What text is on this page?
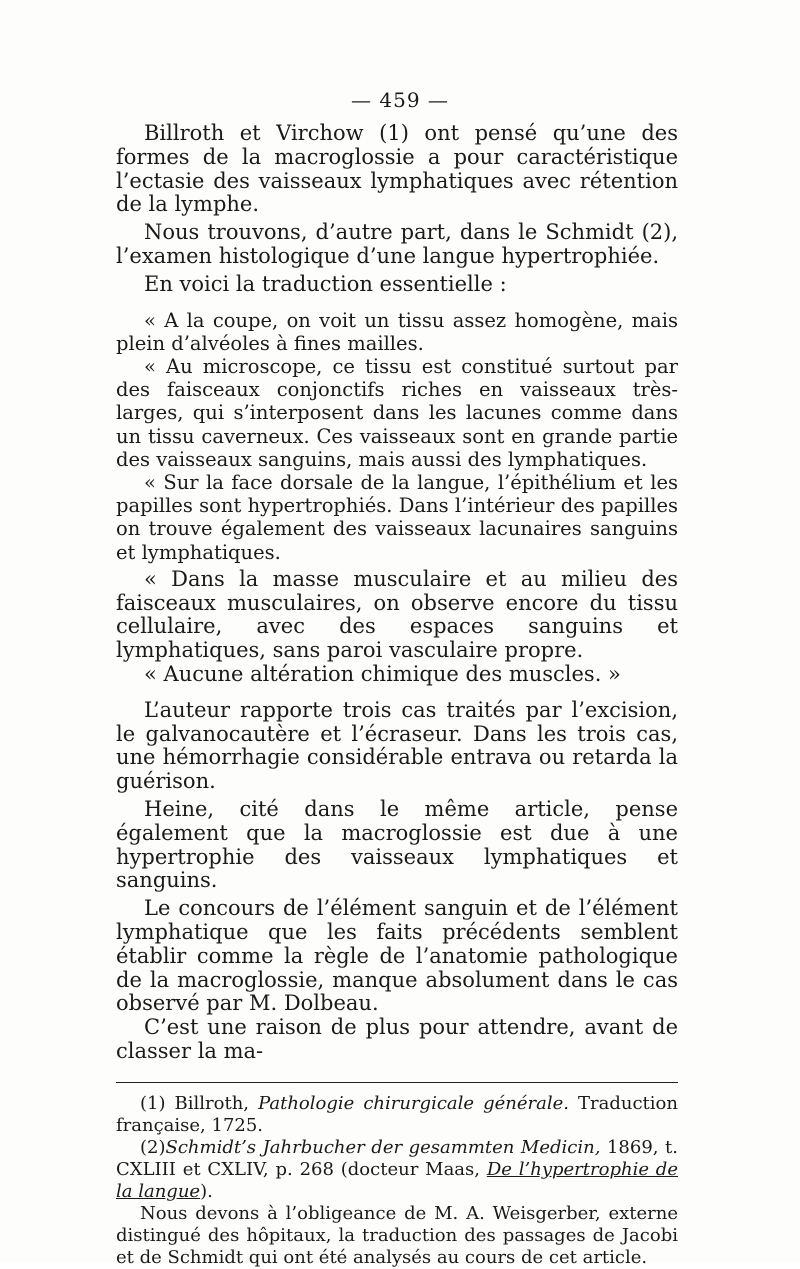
— 459 —

Billroth et Virchow (1) ont pensé qu’une des formes de la macroglossie a pour caractéristique l’ectasie des vaisseaux lymphatiques avec rétention de la lymphe.

Nous trouvons, d’autre part, dans le Schmidt (2), l’examen histologique d’une langue hypertrophiée.

En voici la traduction essentielle :

« A la coupe, on voit un tissu assez homogène, mais plein d’alvéoles à fines mailles.

« Au microscope, ce tissu est constitué surtout par des faisceaux conjonctifs riches en vaisseaux très-larges, qui s’interposent dans les lacunes comme dans un tissu caverneux. Ces vaisseaux sont en grande partie des vaisseaux sanguins, mais aussi des lymphatiques.

« Sur la face dorsale de la langue, l’épithélium et les papilles sont hypertrophiés. Dans l’intérieur des papilles on trouve également des vaisseaux lacunaires sanguins et lymphatiques.

« Dans la masse musculaire et au milieu des faisceaux musculaires, on observe encore du tissu cellulaire, avec des espaces sanguins et lymphatiques, sans paroi vasculaire propre.

« Aucune altération chimique des muscles. »

L’auteur rapporte trois cas traités par l’excision, le galvanocautère et l’écraseur. Dans les trois cas, une hémorrhagie considérable entrava ou retarda la guérison.

Heine, cité dans le même article, pense également que la macroglossie est due à une hypertrophie des vaisseaux lymphatiques et sanguins.

Le concours de l’élément sanguin et de l’élément lymphatique que les faits précédents semblent établir comme la règle de l’anatomie pathologique de la macroglossie, manque absolument dans le cas observé par M. Dolbeau.

C’est une raison de plus pour attendre, avant de classer la ma-

(1) Billroth, Pathologie chirurgicale générale. Traduction française, 1725.

(2)Schmidt’s Jahrbucher der gesammten Medicin, 1869, t. CXLIII et CXLIV, p. 268 (docteur Maas, De l’hypertrophie de la langue).

Nous devons à l’obligeance de M. A. Weisgerber, externe distingué des hôpitaux, la traduction des passages de Jacobi et de Schmidt qui ont été analysés au cours de cet article.
